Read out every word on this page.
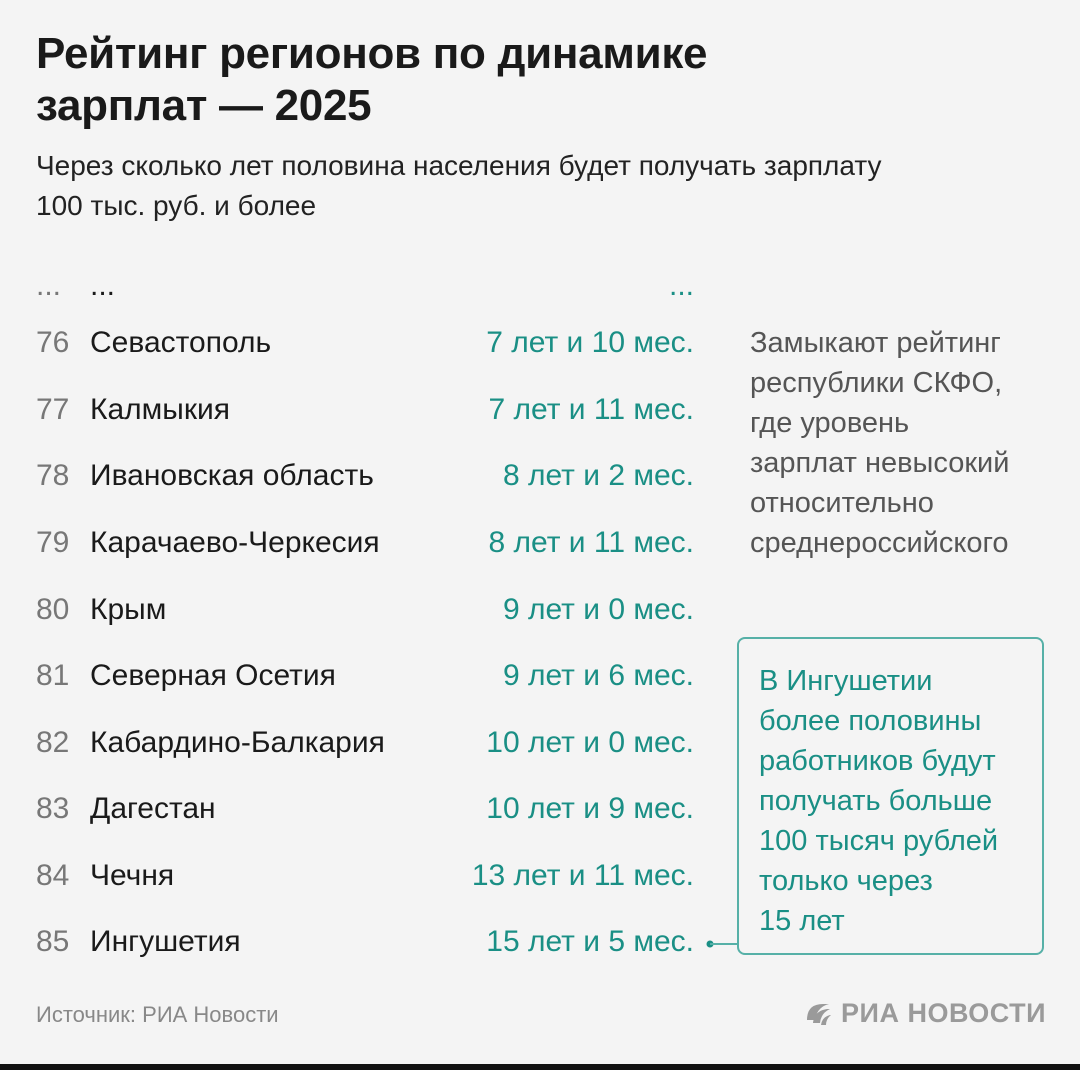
Рейтинг регионов по динамике
зарплат — 2025

Через сколько лет половина населения будет получать зарплату
100 тыс. руб. и более

... ...	...
76 Севастополь	7 лет и 10 мес.
77 Калмыкия	7 лет и 11 мес.
78 Ивановская область	8 лет и 2 мес.
79 Карачаево-Черкесия	8 лет и 11 мес.
80 Крым	9 лет и 0 мес.
81 Северная Осетия	9 лет и 6 мес.
82 Кабардино-Балкария	10 лет и 0 мес.
83 Дагестан	10 лет и 9 мес.
84 Чечня	13 лет и 11 мес.
85 Ингушетия	15 лет и 5 мес.
Замыкают рейтинг
республики СКФО,
где уровень
зарплат невысокий
относительно
среднероссийского
В Ингушетии
более половины
работников будут
получать больше
100 тысяч рублей
только через
15 лет
Источник: РИА Новости	РИА НОВОСТИ
